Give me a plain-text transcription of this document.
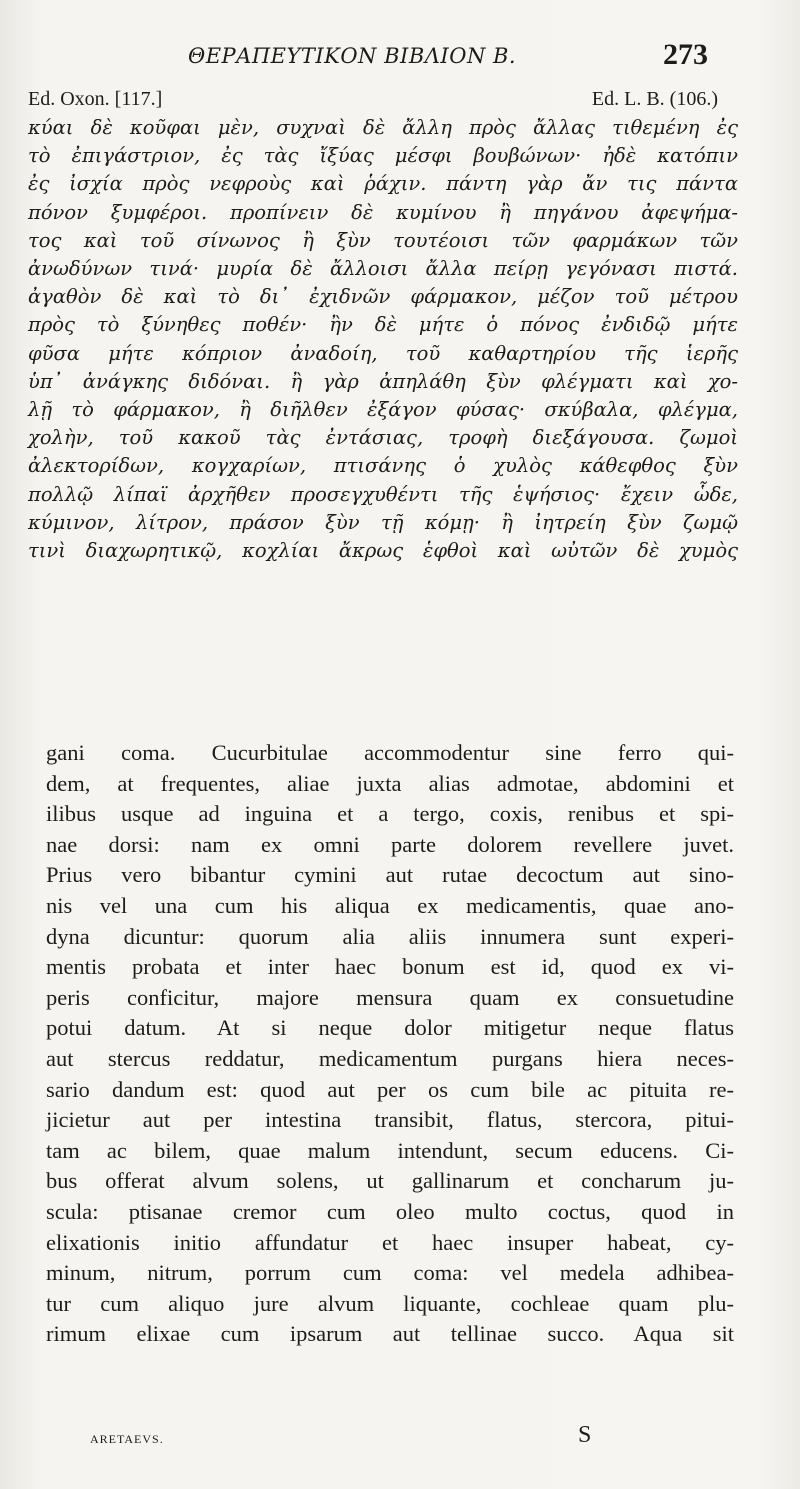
ΘΕΡΑΠΕΥΤΙΚΟΝ ΒΙΒΛΙΟΝ Β.	273
Ed. Oxon. [117.]	Ed. L. B. (106.)
κύαι δὲ κοῦφαι μὲν, συχναὶ δὲ ἄλλη πρὸς ἄλλας τιθεμένη ἐς
τὸ ἐπιγάστριον, ἐς τὰς ἴξύας μέσφι βουβώνων· ἠδὲ κατόπιν
ἐς ἰσχία πρὸς νεφροὺς καὶ ῥάχιν. πάντη γὰρ ἄν τις πάντα
πόνον ξυμφέροι. προπίνειν δὲ κυμίνου ἢ πηγάνου ἀφεψήμα-
τος καὶ τοῦ σίνωνος ἢ ξὺν τουτέοισι τῶν φαρμάκων τῶν
ἀνωδύνων τινά· μυρία δὲ ἄλλοισι ἄλλα πείρῃ γεγόνασι πιστά.
ἀγαθὸν δὲ καὶ τὸ δι᾿ ἐχιδνῶν φάρμακον, μέζον τοῦ μέτρου
πρὸς τὸ ξύνηθες ποθέν· ἢν δὲ μήτε ὁ πόνος ἐνδιδῷ μήτε
φῦσα μήτε κόπριον ἀναδοίη, τοῦ καθαρτηρίου τῆς ἱερῆς
ὑπ᾿ ἀνάγκης διδόναι. ἢ γὰρ ἀπηλάθη ξὺν φλέγματι καὶ χο-
λῇ τὸ φάρμακον, ἢ διῆλθεν ἐξάγον φύσας· σκύβαλα, φλέγμα,
χολὴν, τοῦ κακοῦ τὰς ἐντάσιας, τροφὴ διεξάγουσα. ζωμοὶ
ἀλεκτορίδων, κογχαρίων, πτισάνης ὁ χυλὸς κάθεφθος ξὺν
πολλῷ λίπαϊ ἀρχῆθεν προσεγχυθέντι τῆς ἑψήσιος· ἔχειν ὧδε,
κύμινον, λίτρον, πράσον ξὺν τῇ κόμῃ· ἢ ἰητρείη ξὺν ζωμῷ
τινὶ διαχωρητικῷ, κοχλίαι ἄκρως ἑφθοὶ καὶ ωὐτῶν δὲ χυμὸς
gani coma. Cucurbitulae accommodentur sine ferro qui-
dem, at frequentes, aliae juxta alias admotae, abdomini et
ilibus usque ad inguina et a tergo, coxis, renibus et spi-
nae dorsi: nam ex omni parte dolorem revellere juvet.
Prius vero bibantur cymini aut rutae decoctum aut sino-
nis vel una cum his aliqua ex medicamentis, quae ano-
dyna dicuntur: quorum alia aliis innumera sunt experi-
mentis probata et inter haec bonum est id, quod ex vi-
peris conficitur, majore mensura quam ex consuetudine
potui datum. At si neque dolor mitigetur neque flatus
aut stercus reddatur, medicamentum purgans hiera neces-
sario dandum est: quod aut per os cum bile ac pituita re-
jicietur aut per intestina transibit, flatus, stercora, pitui-
tam ac bilem, quae malum intendunt, secum educens. Ci-
bus offerat alvum solens, ut gallinarum et concharum ju-
scula: ptisanae cremor cum oleo multo coctus, quod in
elixationis initio affundatur et haec insuper habeat, cy-
minum, nitrum, porrum cum coma: vel medela adhibea-
tur cum aliquo jure alvum liquante, cochleae quam plu-
rimum elixae cum ipsarum aut tellinae succo. Aqua sit
ARETAEVS.	S
